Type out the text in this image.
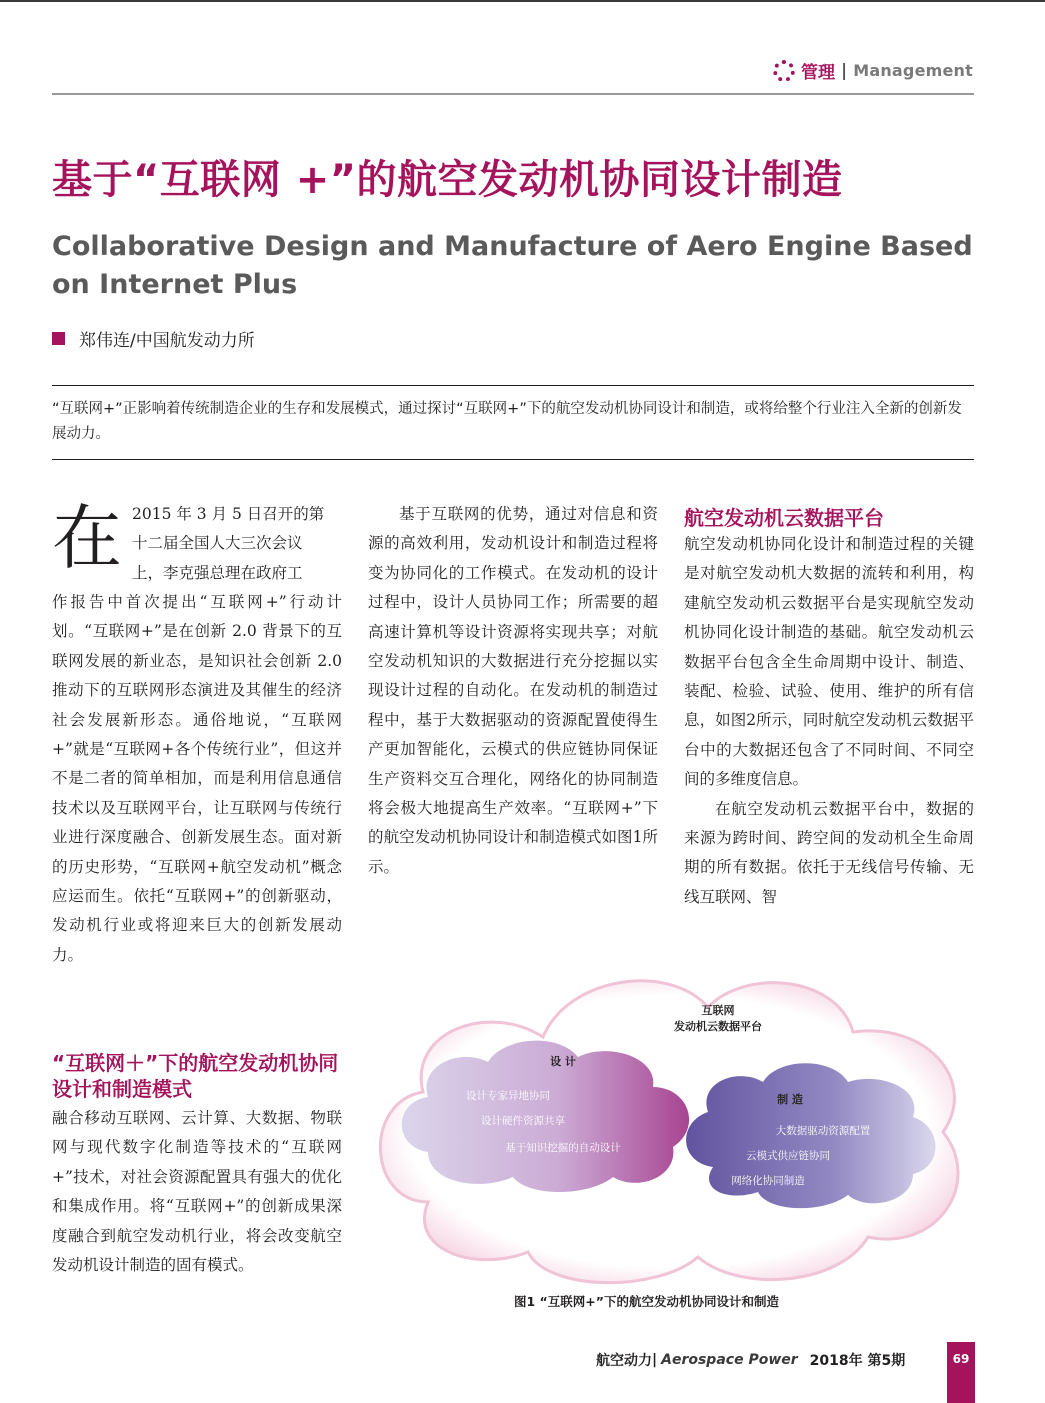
管理 | Management
基于“互联网 +”的航空发动机协同设计制造
Collaborative Design and Manufacture of Aero Engine Based on Internet Plus
郑伟连/中国航发动力所
“互联网+”正影响着传统制造企业的生存和发展模式，通过探讨“互联网+”下的航空发动机协同设计和制造，或将给整个行业注入全新的创新发展动力。
在 2015 年 3 月 5 日召开的第

十二届全国人大三次会议

上，李克强总理在政府工

作报告中首次提出“互联网+”行动计划。“互联网+”是在创新 2.0 背景下的互联网发展的新业态，是知识社会创新 2.0 推动下的互联网形态演进及其催生的经济社会发展新形态。通俗地说，“互联网+”就是“互联网+各个传统行业”，但这并不是二者的简单相加，而是利用信息通信技术以及互联网平台，让互联网与传统行业进行深度融合、创新发展生态。面对新的历史形势，“互联网+航空发动机”概念应运而生。依托“互联网+”的创新驱动，发动机行业或将迎来巨大的创新发展动力。

“互联网＋”下的航空发动机协同设计和制造模式

融合移动互联网、云计算、大数据、物联网与现代数字化制造等技术的“互联网+”技术，对社会资源配置具有强大的优化和集成作用。将“互联网+”的创新成果深度融合到航空发动机行业，将会改变航空发动机设计制造的固有模式。

基于互联网的优势，通过对信息和资源的高效利用，发动机设计和制造过程将变为协同化的工作模式。在发动机的设计过程中，设计人员协同工作；所需要的超高速计算机等设计资源将实现共享；对航空发动机知识的大数据进行充分挖掘以实现设计过程的自动化。在发动机的制造过程中，基于大数据驱动的资源配置使得生产更加智能化，云模式的供应链协同保证生产资料交互合理化，网络化的协同制造将会极大地提高生产效率。“互联网+”下的航空发动机协同设计和制造模式如图1所示。

航空发动机云数据平台

航空发动机协同化设计和制造过程的关键是对航空发动机大数据的流转和利用，构建航空发动机云数据平台是实现航空发动机协同化设计制造的基础。航空发动机云数据平台包含全生命周期中设计、制造、装配、检验、试验、使用、维护的所有信息，如图2所示，同时航空发动机云数据平台中的大数据还包含了不同时间、不同空间的多维度信息。

在航空发动机云数据平台中，数据的来源为跨时间、跨空间的发动机全生命周期的所有数据。依托于无线信号传输、无线互联网、智

互联网
发动机云数据平台
设 计
设计专家异地协同
设计硬件资源共享
基于知识挖掘的自动设计
制 造
大数据驱动资源配置
云模式供应链协同
网络化协同制造
图1 “互联网+”下的航空发动机协同设计和制造
航空动力 | Aerospace Power 2018年 第5期	69
